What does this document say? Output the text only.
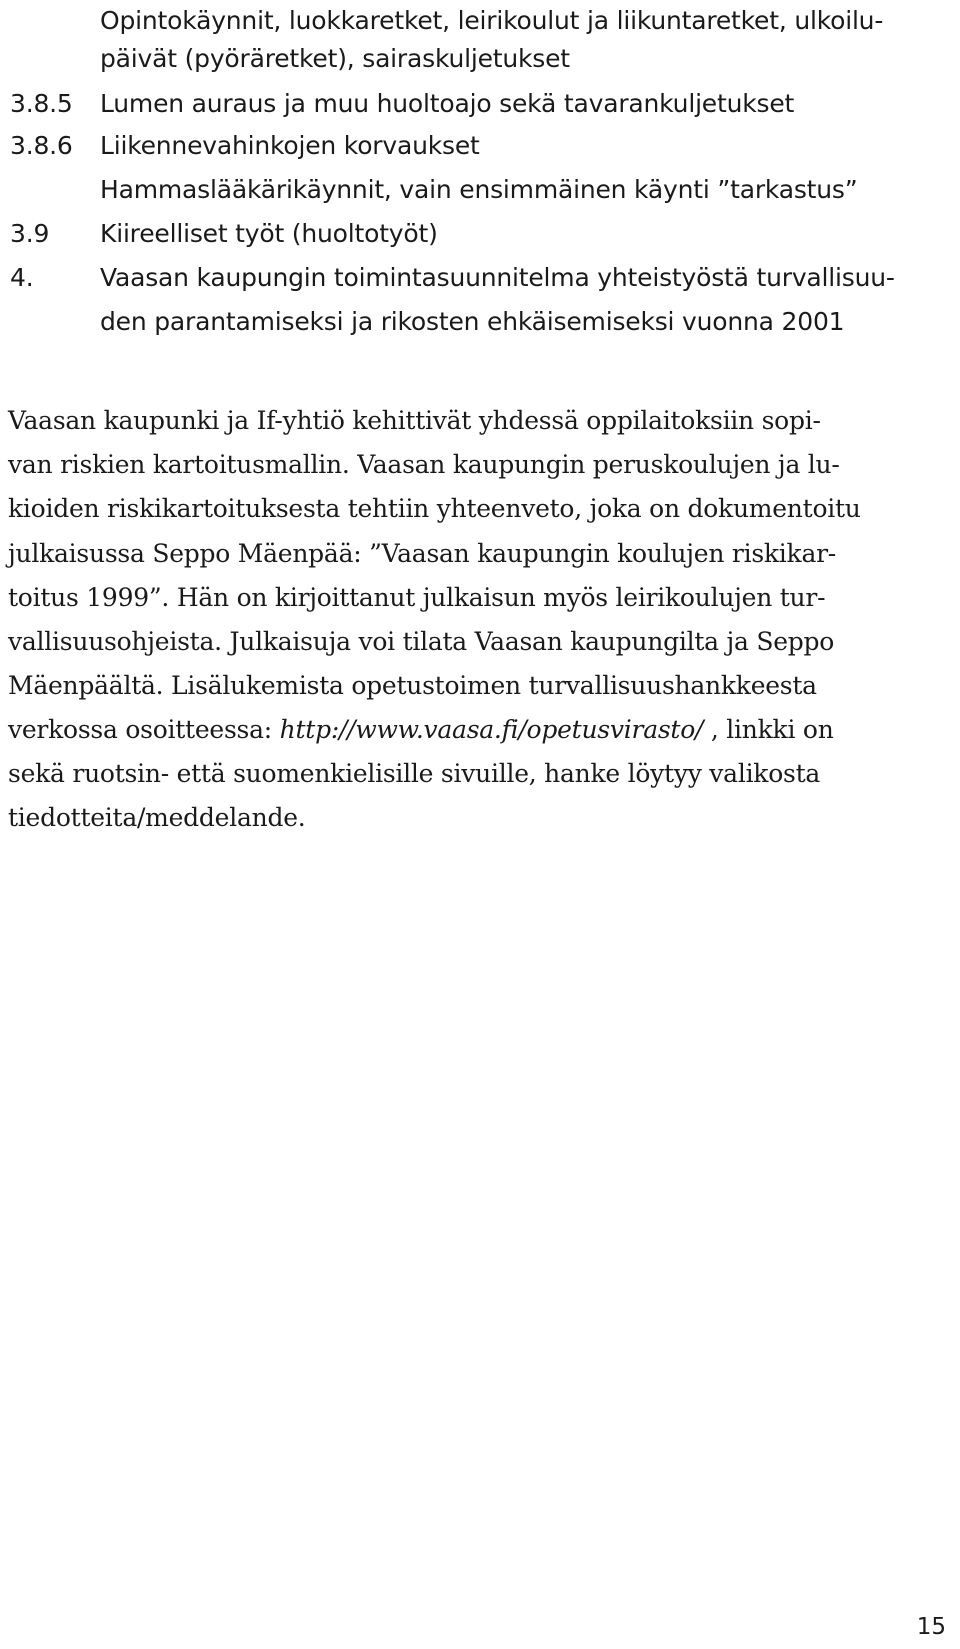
Opintokäynnit, luokkaretket, leirikoulut ja liikuntaretket, ulkoilu-
päivät (pyöräretket), sairaskuljetukset
3.8.5 Lumen auraus ja muu huoltoajo sekä tavarankuljetukset
3.8.6 Liikennevahinkojen korvaukset
Hammaslääkärikäynnit, vain ensimmäinen käynti ”tarkastus”
3.9 Kiireelliset työt (huoltotyöt)
4.	Vaasan kaupungin toimintasuunnitelma yhteistyöstä turvallisuu-
den parantamiseksi ja rikosten ehkäisemiseksi vuonna 2001
Vaasan kaupunki ja If-yhtiö kehittivät yhdessä oppilaitoksiin sopi-
van riskien kartoitusmallin. Vaasan kaupungin peruskoulujen ja lu-
kioiden riskikartoituksesta tehtiin yhteenveto, joka on dokumentoitu
julkaisussa Seppo Mäenpää: ”Vaasan kaupungin koulujen riskikar-
toitus 1999”. Hän on kirjoittanut julkaisun myös leirikoulujen tur-
vallisuusohjeista. Julkaisuja voi tilata Vaasan kaupungilta ja Seppo
Mäenpäältä. Lisälukemista opetustoimen turvallisuushankkeesta
verkossa osoitteessa: http://www.vaasa.fi/opetusvirasto/ , linkki on
sekä ruotsin- että suomenkielisille sivuille, hanke löytyy valikosta
tiedotteita/meddelande.
15
